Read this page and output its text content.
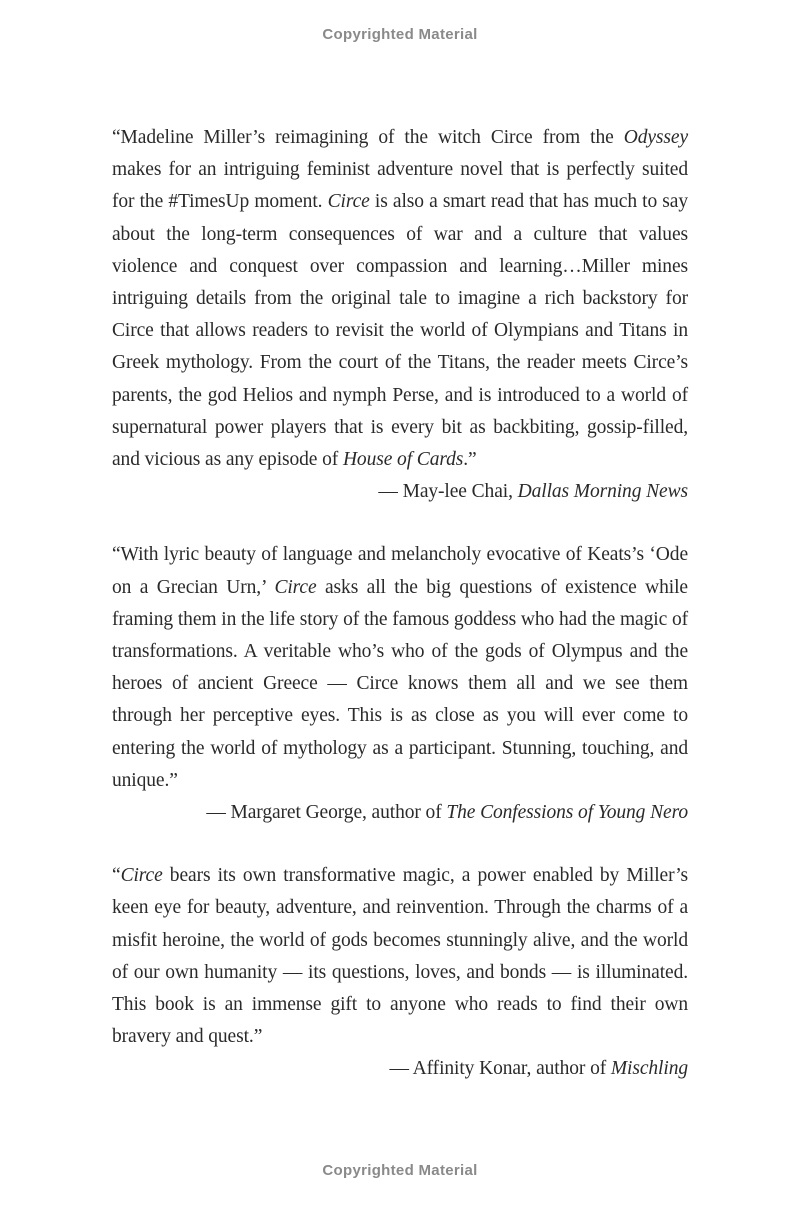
Copyrighted Material

“Madeline Miller’s reimagining of the witch Circe from the Odyssey makes for an intriguing feminist adventure novel that is perfectly suited for the #TimesUp moment. Circe is also a smart read that has much to say about the long-term consequences of war and a culture that values violence and conquest over compassion and learning…Miller mines intriguing details from the original tale to imagine a rich backstory for Circe that allows readers to revisit the world of Olympians and Titans in Greek mythology. From the court of the Titans, the reader meets Circe’s parents, the god Helios and nymph Perse, and is introduced to a world of supernatural power players that is every bit as backbiting, gossip-filled, and vicious as any episode of House of Cards.”

— May-lee Chai, Dallas Morning News

“With lyric beauty of language and melancholy evocative of Keats’s ‘Ode on a Grecian Urn,’ Circe asks all the big questions of existence while framing them in the life story of the famous goddess who had the magic of transformations. A veritable who’s who of the gods of Olympus and the heroes of ancient Greece — Circe knows them all and we see them through her perceptive eyes. This is as close as you will ever come to entering the world of mythology as a participant. Stunning, touching, and unique.”

— Margaret George, author of The Confessions of Young Nero

“Circe bears its own transformative magic, a power enabled by Miller’s keen eye for beauty, adventure, and reinvention. Through the charms of a misfit heroine, the world of gods becomes stunningly alive, and the world of our own humanity — its questions, loves, and bonds — is illuminated. This book is an immense gift to anyone who reads to find their own bravery and quest.”

— Affinity Konar, author of Mischling

Copyrighted Material
